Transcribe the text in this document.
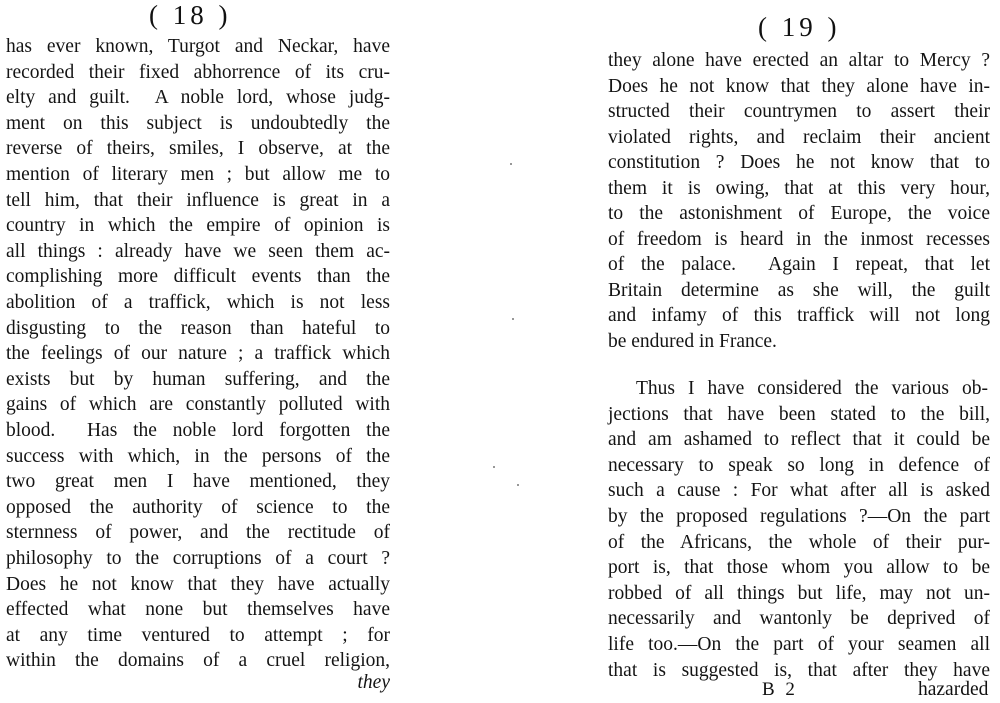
( 18 )
has ever known, Turgot and Neckar, have
recorded their fixed abhorrence of its cru-
elty and guilt.  A noble lord, whose judg-
ment on this subject is undoubtedly the
reverse of theirs, smiles, I observe, at the
mention of literary men ; but allow me to
tell him, that their influence is great in a
country in which the empire of opinion is
all things : already have we seen them ac-
complishing more difficult events than the
abolition of a traffick, which is not less
disgusting to the reason than hateful to
the feelings of our nature ; a traffick which
exists but by human suffering, and the
gains of which are constantly polluted with
blood.  Has the noble lord forgotten the
success with which, in the persons of the
two great men I have mentioned, they
opposed the authority of science to the
sternness of power, and the rectitude of
philosophy to the corruptions of a court ?
Does he not know that they have actually
effected what none but themselves have
at any time ventured to attempt ; for
within the domains of a cruel religion,
they
( 19 )
they alone have erected an altar to Mercy ?
Does he not know that they alone have in-
structed their countrymen to assert their
violated rights, and reclaim their ancient
constitution ? Does he not know that to
them it is owing, that at this very hour,
to the astonishment of Europe, the voice
of freedom is heard in the inmost recesses
of the palace.  Again I repeat, that let
Britain determine as she will, the guilt
and infamy of this traffick will not long
be endured in France.
Thus I have considered the various ob-
jections that have been stated to the bill,
and am ashamed to reflect that it could be
necessary to speak so long in defence of
such a cause : For what after all is asked
by the proposed regulations ?—On the part
of the Africans, the whole of their pur-
port is, that those whom you allow to be
robbed of all things but life, may not un-
necessarily and wantonly be deprived of
life too.—On the part of your seamen all
that is suggested is, that after they have
B 2	hazarded
